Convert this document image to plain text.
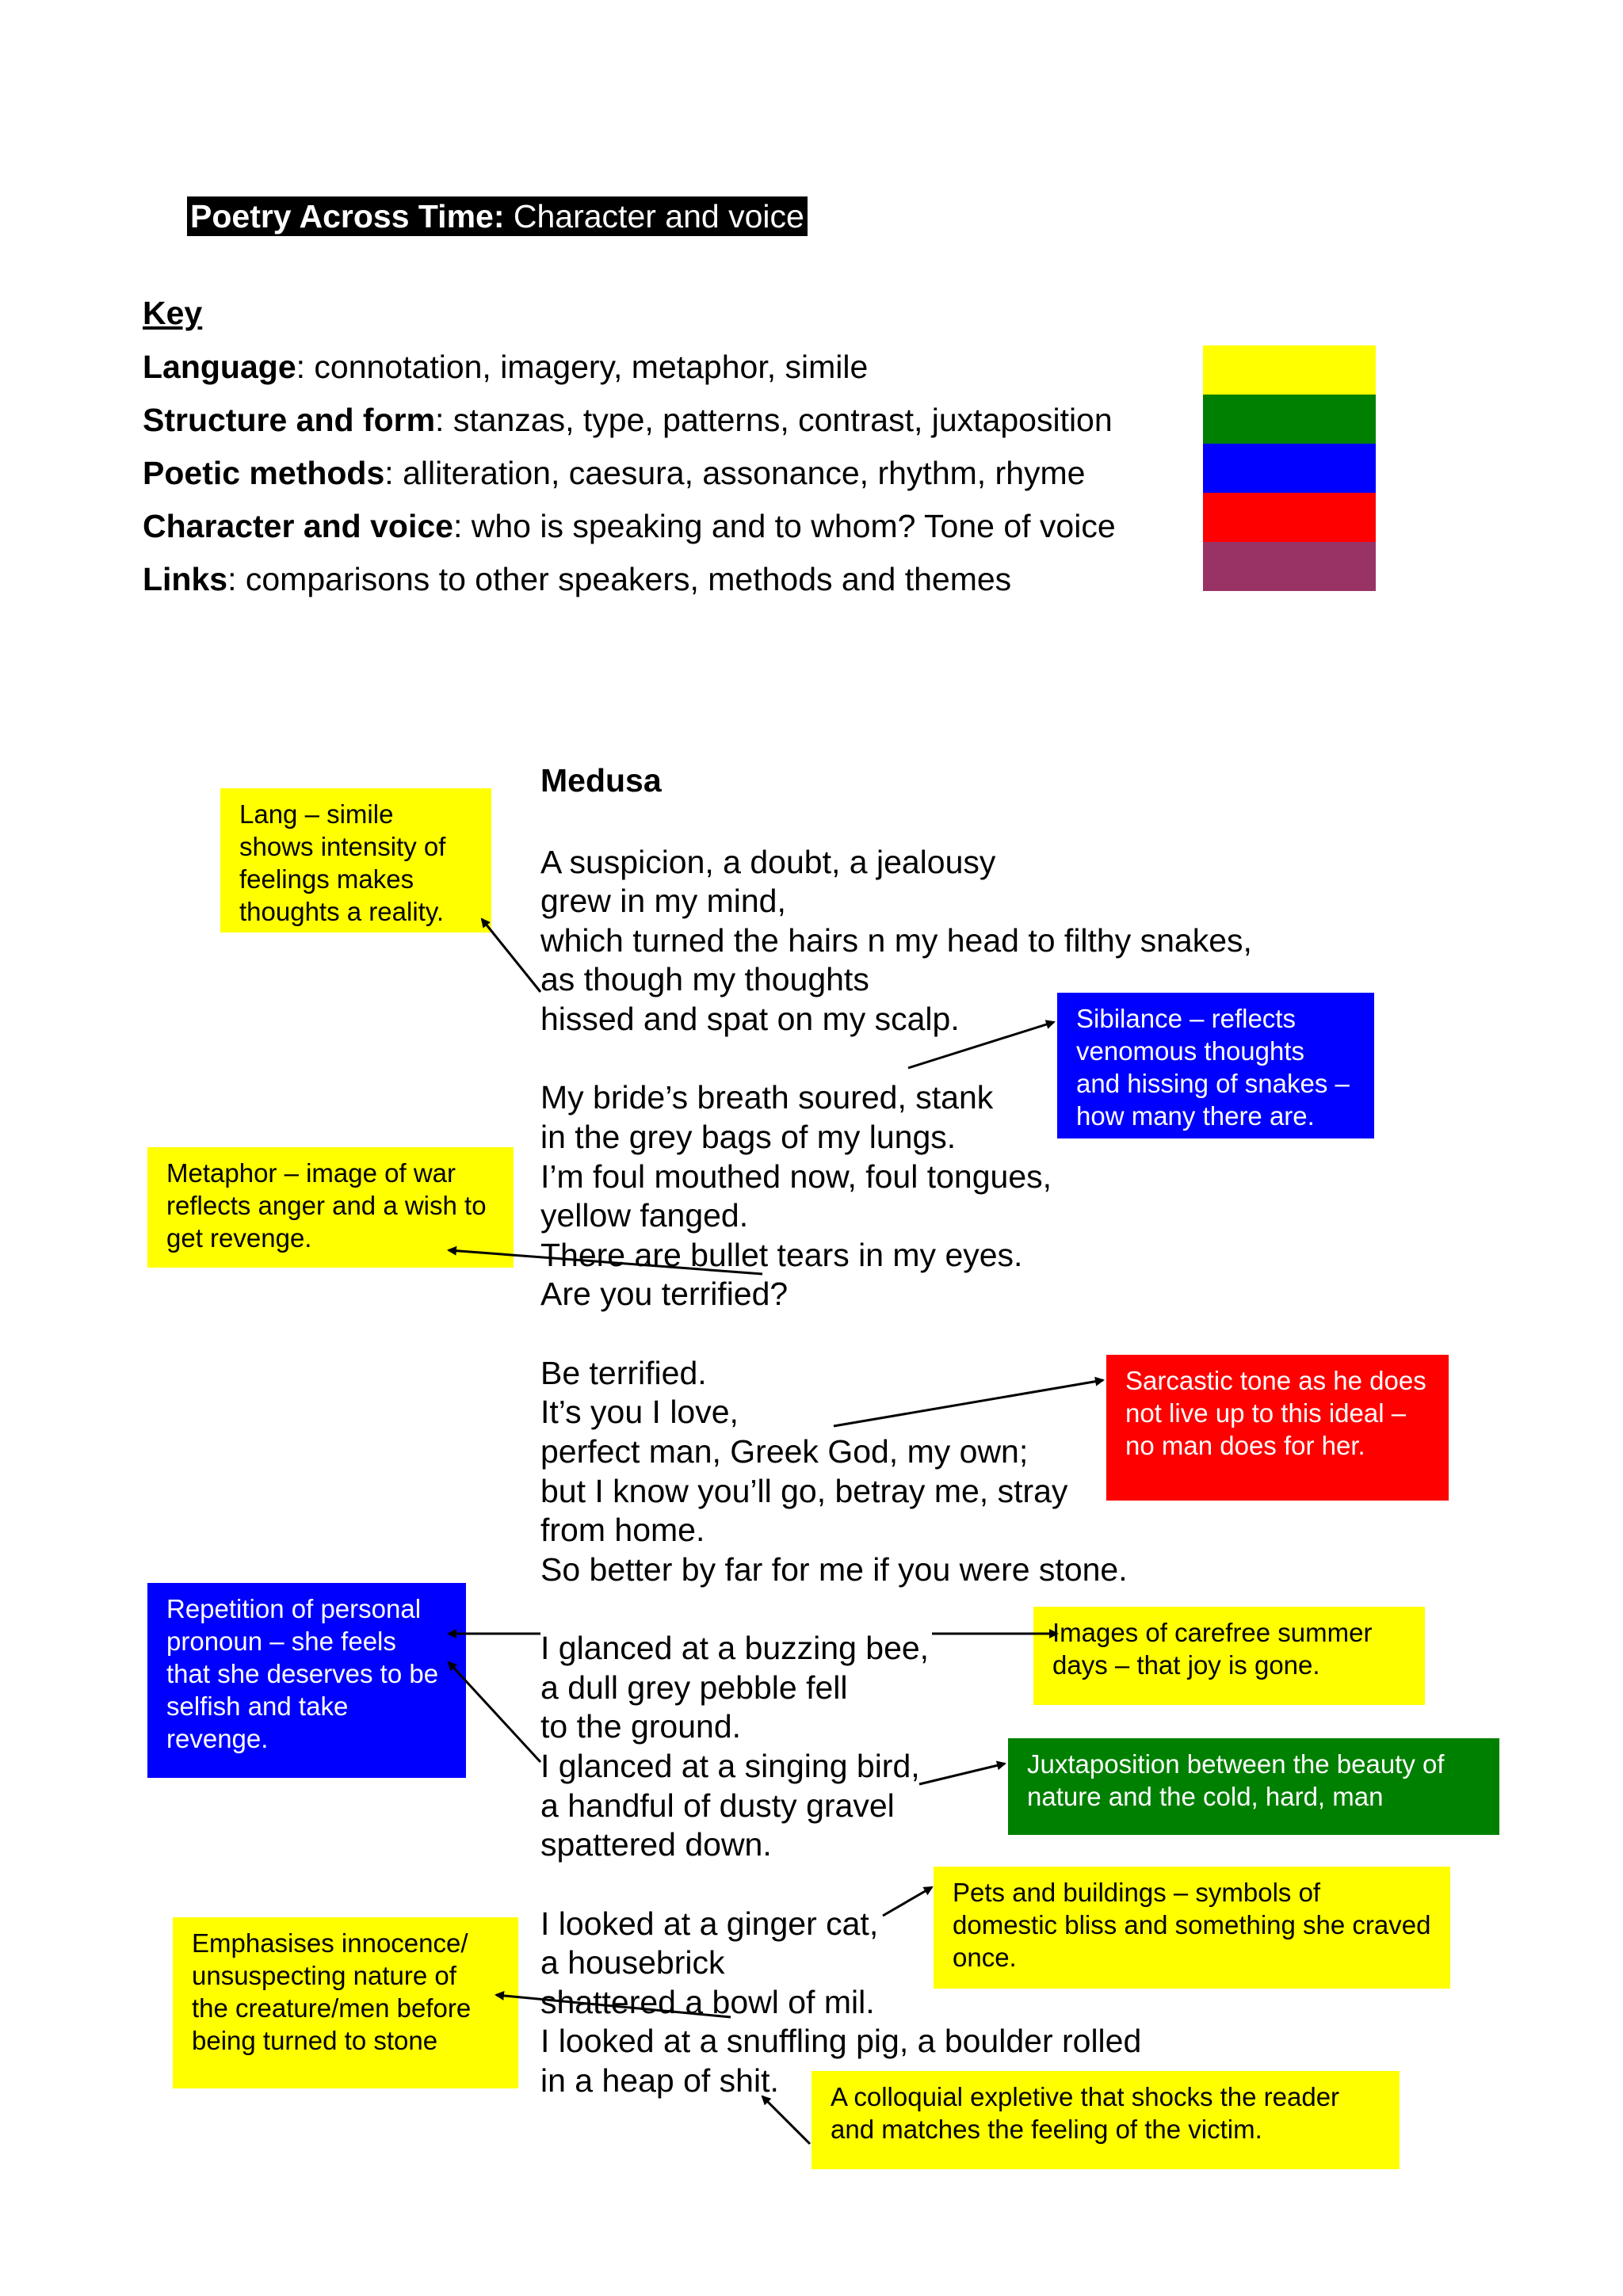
Poetry Across Time: Character and voice
Key
Language: connotation, imagery, metaphor, simile
Structure and form: stanzas, type, patterns, contrast, juxtaposition
Poetic methods: alliteration, caesura, assonance, rhythm, rhyme
Character and voice: who is speaking and to whom? Tone of voice
Links: comparisons to other speakers, methods and themes
Medusa
A suspicion, a doubt, a jealousy
grew in my mind,
which turned the hairs n my head to filthy snakes,
as though my thoughts
hissed and spat on my scalp.
My bride’s breath soured, stank
in the grey bags of my lungs.
I’m foul mouthed now, foul tongues,
yellow fanged.
There are bullet tears in my eyes.
Are you terrified?
Be terrified.
It’s you I love,
perfect man, Greek God, my own;
but I know you’ll go, betray me, stray
from home.
So better by far for me if you were stone.
I glanced at a buzzing bee,
a dull grey pebble fell
to the ground.
I glanced at a singing bird,
a handful of dusty gravel
spattered down.
I looked at a ginger cat,
a housebrick
shattered a bowl of mil.
I looked at a snuffling pig, a boulder rolled
in a heap of shit.
Lang – simile shows intensity of feelings makes thoughts a reality.
Sibilance – reflects venomous thoughts and hissing of snakes – how many there are.
Metaphor – image of war reflects anger and a wish to get revenge.
Sarcastic tone as he does not live up to this ideal – no man does for her.
Repetition of personal pronoun – she feels that she deserves to be selfish and take revenge.
Images of carefree summer days – that joy is gone.
Juxtaposition between the beauty of nature and the cold, hard, man
Pets and buildings – symbols of domestic bliss and something she craved once.
Emphasises innocence/ unsuspecting nature of the creature/men before being turned to stone
A colloquial expletive that shocks the reader and matches the feeling of the victim.
